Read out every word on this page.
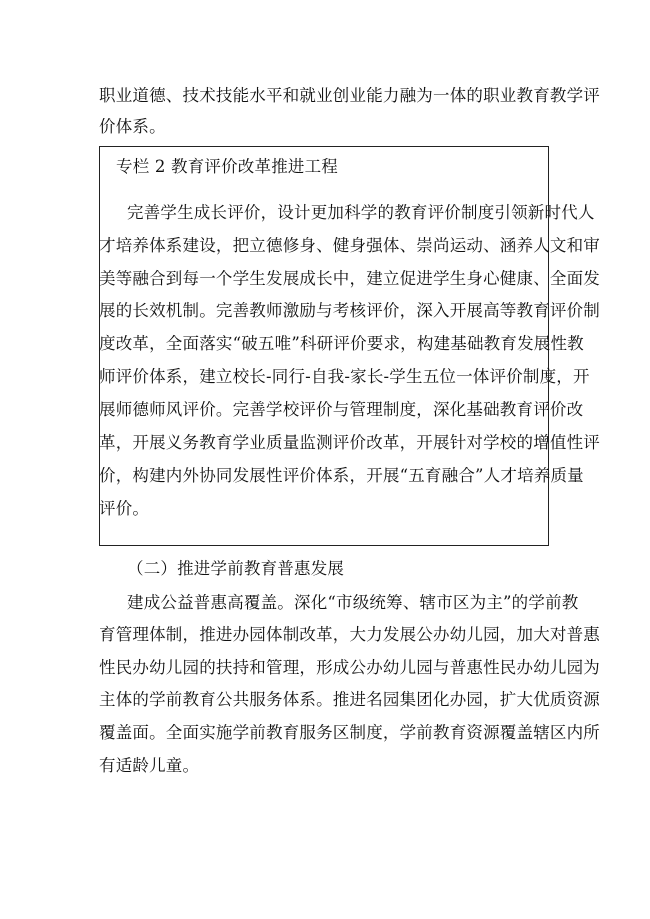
职业道德、技术技能水平和就业创业能力融为一体的职业教育教学评
价体系。
专栏 2 教育评价改革推进工程
完善学生成长评价，设计更加科学的教育评价制度引领新时代人
才培养体系建设，把立德修身、健身强体、崇尚运动、涵养人文和审
美等融合到每一个学生发展成长中，建立促进学生身心健康、全面发
展的长效机制。完善教师激励与考核评价，深入开展高等教育评价制
度改革，全面落实“破五唯”科研评价要求，构建基础教育发展性教
师评价体系，建立校长-同行-自我-家长-学生五位一体评价制度，开
展师德师风评价。完善学校评价与管理制度，深化基础教育评价改
革，开展义务教育学业质量监测评价改革，开展针对学校的增值性评
价，构建内外协同发展性评价体系，开展“五育融合”人才培养质量
评价。
（二）推进学前教育普惠发展
建成公益普惠高覆盖。深化“市级统筹、辖市区为主”的学前教
育管理体制，推进办园体制改革，大力发展公办幼儿园，加大对普惠
性民办幼儿园的扶持和管理，形成公办幼儿园与普惠性民办幼儿园为
主体的学前教育公共服务体系。推进名园集团化办园，扩大优质资源
覆盖面。全面实施学前教育服务区制度，学前教育资源覆盖辖区内所
有适龄儿童。
